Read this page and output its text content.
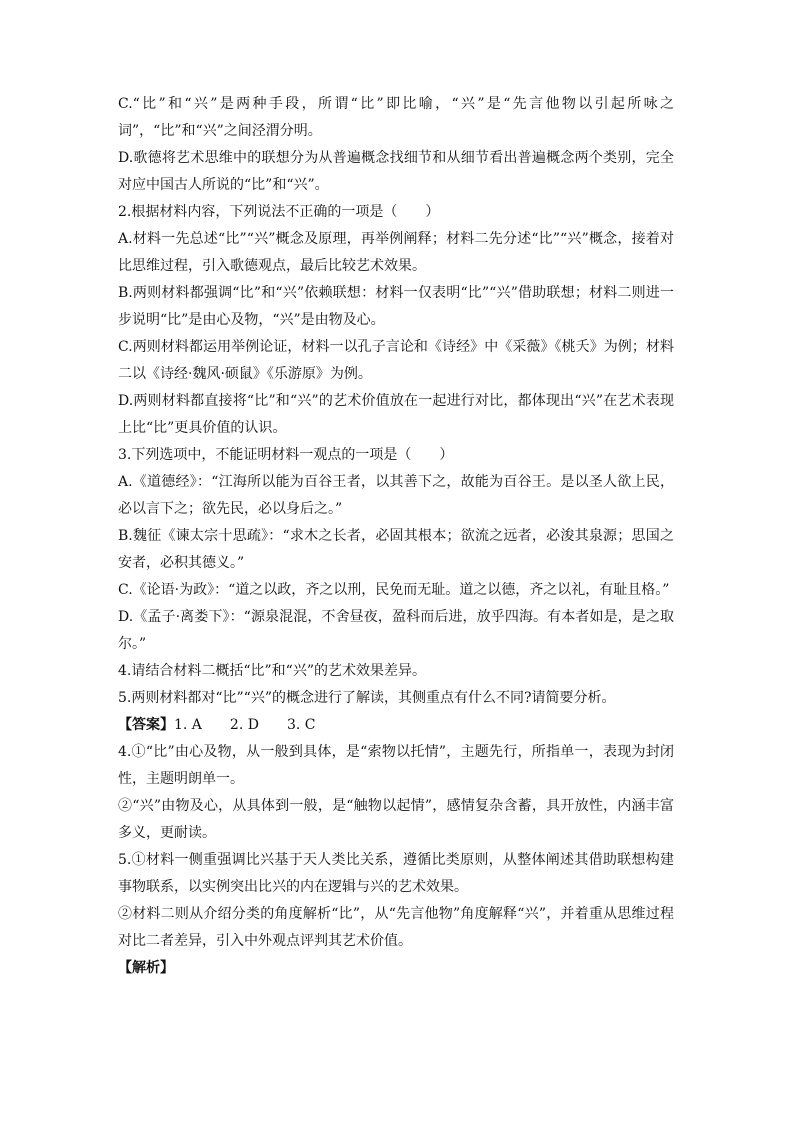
C.“比”和“兴”是两种手段，所谓“比”即比喻，“兴”是“先言他物以引起所咏之词”，“比”和“兴”之间泾渭分明。

D.歌德将艺术思维中的联想分为从普遍概念找细节和从细节看出普遍概念两个类别，完全对应中国古人所说的“比”和“兴”。

2.根据材料内容，下列说法不正确的一项是（　　）

A.材料一先总述“比”“兴”概念及原理，再举例阐释；材料二先分述“比”“兴”概念，接着对比思维过程，引入歌德观点，最后比较艺术效果。

B.两则材料都强调“比”和“兴”依赖联想：材料一仅表明“比”“兴”借助联想；材料二则进一步说明“比”是由心及物，“兴”是由物及心。

C.两则材料都运用举例论证，材料一以孔子言论和《诗经》中《采薇》《桃夭》为例；材料二以《诗经·魏风·硕鼠》《乐游原》为例。

D.两则材料都直接将“比”和“兴”的艺术价值放在一起进行对比，都体现出“兴”在艺术表现上比“比”更具价值的认识。

3.下列选项中，不能证明材料一观点的一项是（　　）

A.《道德经》：“江海所以能为百谷王者，以其善下之，故能为百谷王。是以圣人欲上民，必以言下之；欲先民，必以身后之。”

B.魏征《谏太宗十思疏》：“求木之长者，必固其根本；欲流之远者，必浚其泉源；思国之安者，必积其德义。”

C.《论语·为政》：“道之以政，齐之以刑，民免而无耻。道之以德，齐之以礼，有耻且格。”

D.《孟子·离娄下》：“源泉混混，不舍昼夜，盈科而后进，放乎四海。有本者如是，是之取尔。”

4.请结合材料二概括“比”和“兴”的艺术效果差异。

5.两则材料都对“比”“兴”的概念进行了解读，其侧重点有什么不同?请简要分析。

【答案】1. A　　2. D　　3. C

4.①“比”由心及物，从一般到具体，是“索物以托情”，主题先行，所指单一，表现为封闭性，主题明朗单一。

②“兴”由物及心，从具体到一般，是“触物以起情”，感情复杂含蓄，具开放性，内涵丰富多义，更耐读。

5.①材料一侧重强调比兴基于天人类比关系，遵循比类原则，从整体阐述其借助联想构建事物联系，以实例突出比兴的内在逻辑与兴的艺术效果。

②材料二则从介绍分类的角度解析“比”，从“先言他物”角度解释“兴”，并着重从思维过程对比二者差异，引入中外观点评判其艺术价值。

【解析】
